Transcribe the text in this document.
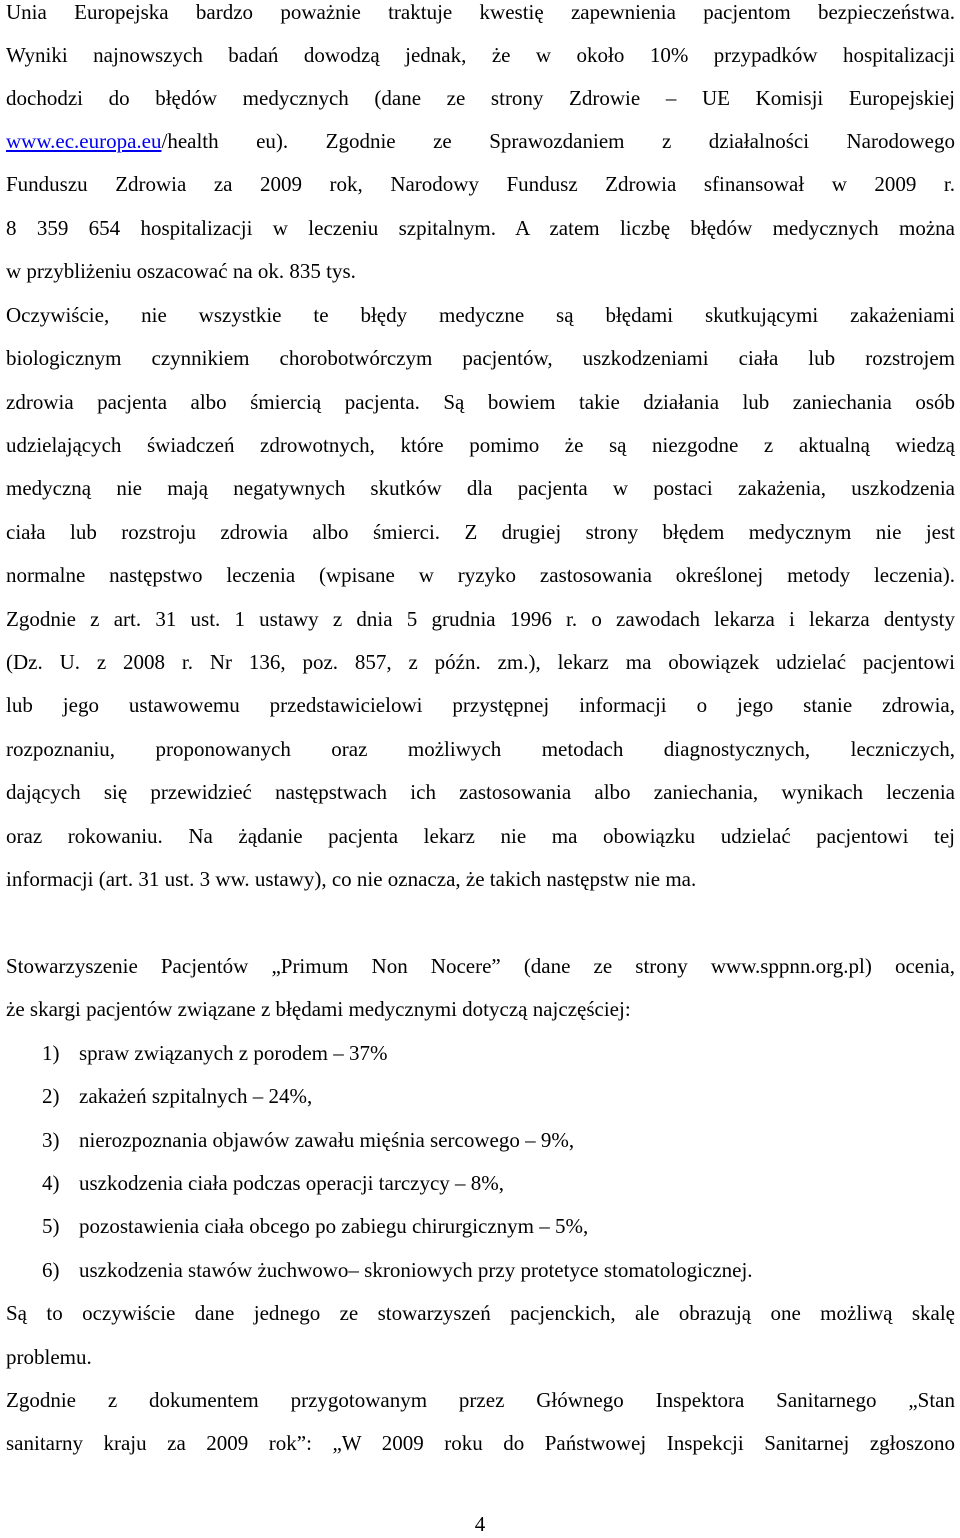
Unia Europejska bardzo poważnie traktuje kwestię zapewnienia pacjentom bezpieczeństwa.
Wyniki najnowszych badań dowodzą jednak, że w około 10% przypadków hospitalizacji
dochodzi do błędów medycznych (dane ze strony Zdrowie – UE Komisji Europejskiej
www.ec.europa.eu/health eu). Zgodnie ze Sprawozdaniem z działalności Narodowego
Funduszu Zdrowia za 2009 rok, Narodowy Fundusz Zdrowia sfinansował w 2009 r.
8 359 654 hospitalizacji w leczeniu szpitalnym. A zatem liczbę błędów medycznych można
w przybliżeniu oszacować na ok. 835 tys.
Oczywiście, nie wszystkie te błędy medyczne są błędami skutkującymi zakażeniami
biologicznym czynnikiem chorobotwórczym pacjentów, uszkodzeniami ciała lub rozstrojem
zdrowia pacjenta albo śmiercią pacjenta. Są bowiem takie działania lub zaniechania osób
udzielających świadczeń zdrowotnych, które pomimo że są niezgodne z aktualną wiedzą
medyczną nie mają negatywnych skutków dla pacjenta w postaci zakażenia, uszkodzenia
ciała lub rozstroju zdrowia albo śmierci. Z drugiej strony błędem medycznym nie jest
normalne następstwo leczenia (wpisane w ryzyko zastosowania określonej metody leczenia).
Zgodnie z art. 31 ust. 1 ustawy z dnia 5 grudnia 1996 r. o zawodach lekarza i lekarza dentysty
(Dz. U. z 2008 r. Nr 136, poz. 857, z późn. zm.), lekarz ma obowiązek udzielać pacjentowi
lub jego ustawowemu przedstawicielowi przystępnej informacji o jego stanie zdrowia,
rozpoznaniu, proponowanych oraz możliwych metodach diagnostycznych, leczniczych,
dających się przewidzieć następstwach ich zastosowania albo zaniechania, wynikach leczenia
oraz rokowaniu. Na żądanie pacjenta lekarz nie ma obowiązku udzielać pacjentowi tej
informacji (art. 31 ust. 3 ww. ustawy), co nie oznacza, że takich następstw nie ma.
Stowarzyszenie Pacjentów „Primum Non Nocere” (dane ze strony www.sppnn.org.pl) ocenia,
że skargi pacjentów związane z błędami medycznymi dotyczą najczęściej:
1) spraw związanych z porodem – 37%
2) zakażeń szpitalnych – 24%,
3) nierozpoznania objawów zawału mięśnia sercowego – 9%,
4) uszkodzenia ciała podczas operacji tarczycy – 8%,
5) pozostawienia ciała obcego po zabiegu chirurgicznym – 5%,
6) uszkodzenia stawów żuchwowo– skroniowych przy protetyce stomatologicznej.
Są to oczywiście dane jednego ze stowarzyszeń pacjenckich, ale obrazują one możliwą skalę
problemu.
Zgodnie z dokumentem przygotowanym przez Głównego Inspektora Sanitarnego „Stan
sanitarny kraju za 2009 rok”: „W 2009 roku do Państwowej Inspekcji Sanitarnej zgłoszono
4
